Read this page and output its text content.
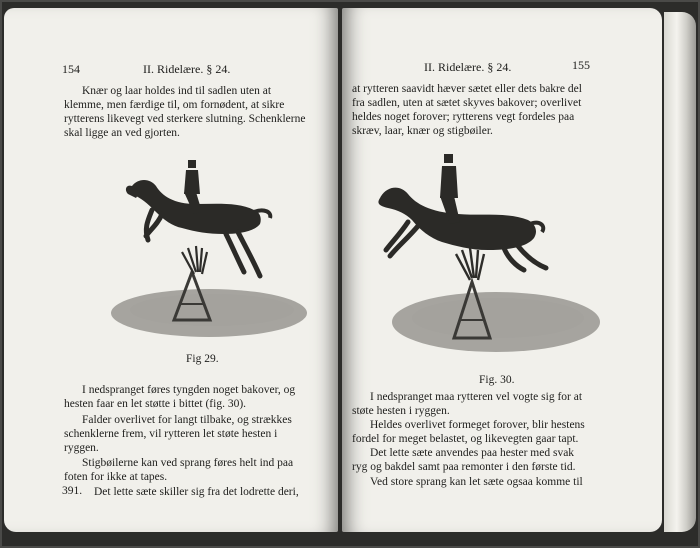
154	II. Ridelære. § 24.
Knær og laar holdes ind til sadlen uten at
klemme, men færdige til, om fornødent, at sikre
rytterens likevegt ved sterkere slutning. Schenklerne
skal ligge an ved gjorten.
Fig 29.
I nedspranget føres tyngden noget bakover, og
hesten faar en let støtte i bittet (fig. 30).
Falder overlivet for langt tilbake, og strækkes
schenklerne frem, vil rytteren let støte hesten i
ryggen.
Stigbøilerne kan ved sprang føres helt ind paa
foten for ikke at tapes.
Det lette sæte skiller sig fra det lodrette deri,
391.
II. Ridelære. § 24.	155
at rytteren saavidt hæver sætet eller dets bakre del
fra sadlen, uten at sætet skyves bakover; overlivet
heldes noget forover; rytterens vegt fordeles paa
skræv, laar, knær og stigbøiler.
Fig. 30.
I nedspranget maa rytteren vel vogte sig for at
støte hesten i ryggen.
Heldes overlivet formeget forover, blir hestens
fordel for meget belastet, og likevegten gaar tapt.
Det lette sæte anvendes paa hester med svak
ryg og bakdel samt paa remonter i den første tid.
Ved store sprang kan let sæte ogsaa komme til
